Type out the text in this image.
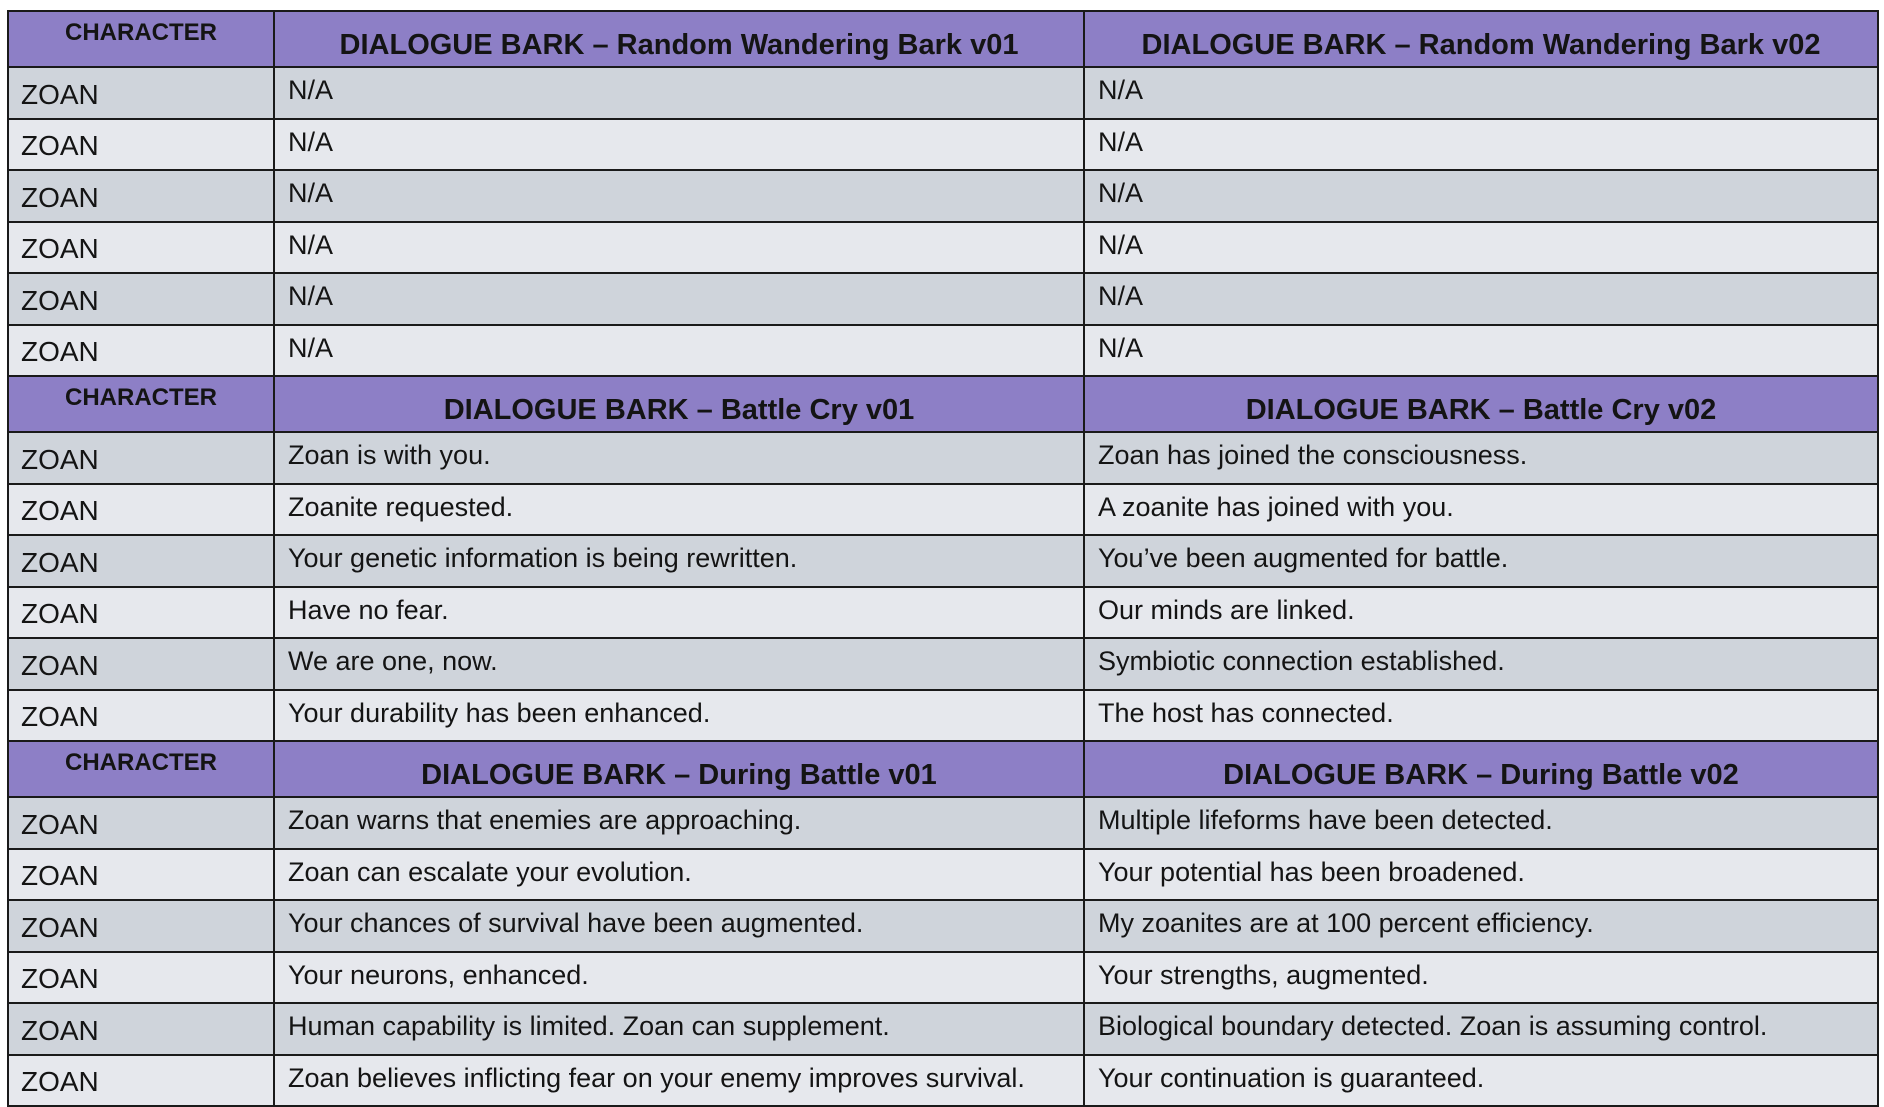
CHARACTER	DIALOGUE BARK – Random Wandering Bark v01	DIALOGUE BARK – Random Wandering Bark v02
ZOAN	N/A	N/A
ZOAN	N/A	N/A
ZOAN	N/A	N/A
ZOAN	N/A	N/A
ZOAN	N/A	N/A
ZOAN	N/A	N/A
CHARACTER	DIALOGUE BARK – Battle Cry v01	DIALOGUE BARK – Battle Cry v02
ZOAN	Zoan is with you.	Zoan has joined the consciousness.
ZOAN	Zoanite requested.	A zoanite has joined with you.
ZOAN	Your genetic information is being rewritten.	You’ve been augmented for battle.
ZOAN	Have no fear.	Our minds are linked.
ZOAN	We are one, now.	Symbiotic connection established.
ZOAN	Your durability has been enhanced.	The host has connected.
CHARACTER	DIALOGUE BARK – During Battle v01	DIALOGUE BARK – During Battle v02
ZOAN	Zoan warns that enemies are approaching.	Multiple lifeforms have been detected.
ZOAN	Zoan can escalate your evolution.	Your potential has been broadened.
ZOAN	Your chances of survival have been augmented.	My zoanites are at 100 percent efficiency.
ZOAN	Your neurons, enhanced.	Your strengths, augmented.
ZOAN	Human capability is limited. Zoan can supplement.	Biological boundary detected. Zoan is assuming control.
ZOAN	Zoan believes inflicting fear on your enemy improves survival.	Your continuation is guaranteed.
